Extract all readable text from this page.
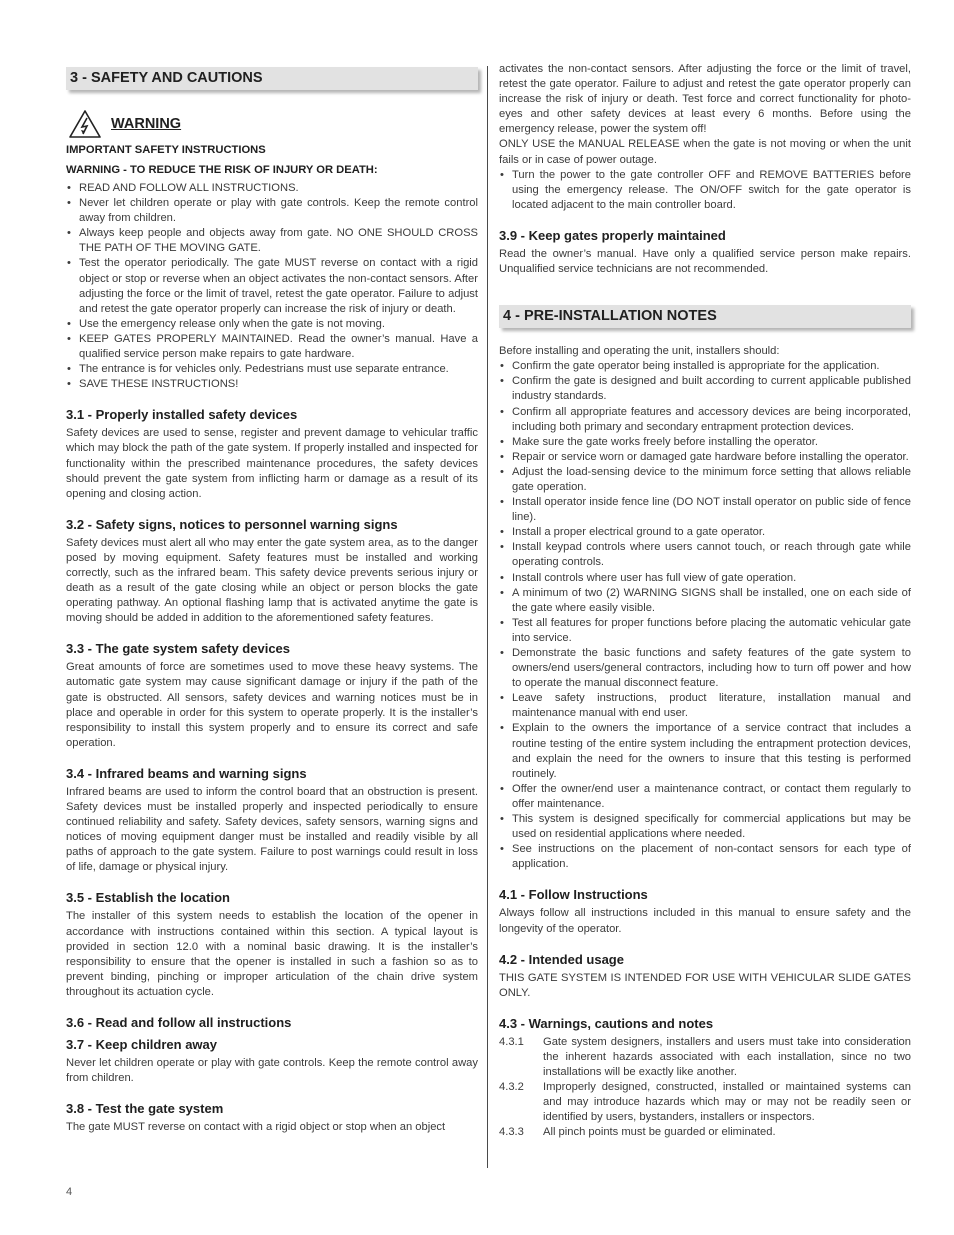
3 - SAFETY AND CAUTIONS
WARNING
IMPORTANT SAFETY INSTRUCTIONS
WARNING - TO REDUCE THE RISK OF INJURY OR DEATH:
• READ AND FOLLOW ALL INSTRUCTIONS.
• Never let children operate or play with gate controls. Keep the remote control away from children.
• Always keep people and objects away from gate. NO ONE SHOULD CROSS THE PATH OF THE MOVING GATE.
• Test the operator periodically. The gate MUST reverse on contact with a rigid object or stop or reverse when an object activates the non-contact sensors. After adjusting the force or the limit of travel, retest the gate operator. Failure to adjust and retest the gate operator properly can increase the risk of injury or death.
• Use the emergency release only when the gate is not moving.
• KEEP GATES PROPERLY MAINTAINED. Read the owner’s manual. Have a qualified service person make repairs to gate hardware.
• The entrance is for vehicles only. Pedestrians must use separate entrance.
• SAVE THESE INSTRUCTIONS!
3.1 - Properly installed safety devices

Safety devices are used to sense, register and prevent damage to vehicular traffic which may block the path of the gate system. If properly installed and inspected for functionality within the prescribed maintenance procedures, the safety devices should prevent the gate system from inflicting harm or damage as a result of its opening and closing action.

3.2 - Safety signs, notices to personnel warning signs

Safety devices must alert all who may enter the gate system area, as to the danger posed by moving equipment. Safety features must be installed and working correctly, such as the infrared beam. This safety device prevents serious injury or death as a result of the gate closing while an object or person blocks the gate operating pathway. An optional flashing lamp that is activated anytime the gate is moving should be added in addition to the aforementioned safety features.

3.3 - The gate system safety devices

Great amounts of force are sometimes used to move these heavy systems. The automatic gate system may cause significant damage or injury if the path of the gate is obstructed. All sensors, safety devices and warning notices must be in place and operable in order for this system to operate properly. It is the installer’s responsibility to install this system properly and to ensure its correct and safe operation.

3.4 - Infrared beams and warning signs

Infrared beams are used to inform the control board that an obstruction is present. Safety devices must be installed properly and inspected periodically to ensure continued reliability and safety. Safety devices, safety sensors, warning signs and notices of moving equipment danger must be installed and readily visible by all paths of approach to the gate system. Failure to post warnings could result in loss of life, damage or physical injury.

3.5 - Establish the location

The installer of this system needs to establish the location of the opener in accordance with instructions contained within this section. A typical layout is provided in section 12.0 with a nominal basic drawing. It is the installer’s responsibility to ensure that the opener is installed in such a fashion so as to prevent binding, pinching or improper articulation of the chain drive system throughout its actuation cycle.

3.6 - Read and follow all instructions
3.7 - Keep children away

Never let children operate or play with gate controls. Keep the remote control away from children.

3.8 - Test the gate system

The gate MUST reverse on contact with a rigid object or stop when an object

activates the non-contact sensors. After adjusting the force or the limit of travel, retest the gate operator. Failure to adjust and retest the gate operator properly can increase the risk of injury or death. Test force and correct functionality for photo-eyes and other safety devices at least every 6 months. Before using the emergency release, power the system off!

ONLY USE the MANUAL RELEASE when the gate is not moving or when the unit fails or in case of power outage.

• Turn the power to the gate controller OFF and REMOVE BATTERIES before using the emergency release. The ON/OFF switch for the gate operator is located adjacent to the main controller board.
3.9 - Keep gates properly maintained

Read the owner’s manual. Have only a qualified service person make repairs. Unqualified service technicians are not recommended.

4 - PRE-INSTALLATION NOTES

Before installing and operating the unit, installers should:

• Confirm the gate operator being installed is appropriate for the application.
• Confirm the gate is designed and built according to current applicable published industry standards.
• Confirm all appropriate features and accessory devices are being incorporated, including both primary and secondary entrapment protection devices.
• Make sure the gate works freely before installing the operator.
• Repair or service worn or damaged gate hardware before installing the operator.
• Adjust the load-sensing device to the minimum force setting that allows reliable gate operation.
• Install operator inside fence line (DO NOT install operator on public side of fence line).
• Install a proper electrical ground to a gate operator.
• Install keypad controls where users cannot touch, or reach through gate while operating controls.
• Install controls where user has full view of gate operation.
• A minimum of two (2) WARNING SIGNS shall be installed, one on each side of the gate where easily visible.
• Test all features for proper functions before placing the automatic vehicular gate into service.
• Demonstrate the basic functions and safety features of the gate system to owners/end users/general contractors, including how to turn off power and how to operate the manual disconnect feature.
• Leave safety instructions, product literature, installation manual and maintenance manual with end user.
• Explain to the owners the importance of a service contract that includes a routine testing of the entire system including the entrapment protection devices, and explain the need for the owners to insure that this testing is performed routinely.
• Offer the owner/end user a maintenance contract, or contact them regularly to offer maintenance.
• This system is designed specifically for commercial applications but may be used on residential applications where needed.
• See instructions on the placement of non-contact sensors for each type of application.
4.1 - Follow Instructions

Always follow all instructions included in this manual to ensure safety and the longevity of the operator.

4.2 - Intended usage

THIS GATE SYSTEM IS INTENDED FOR USE WITH VEHICULAR SLIDE GATES ONLY.

4.3 - Warnings, cautions and notes
4.3.1	Gate system designers, installers and users must take into consideration the inherent hazards associated with each installation, since no two installations will be exactly like another.
4.3.2	Improperly designed, constructed, installed or maintained systems can and may introduce hazards which may or may not be readily seen or identified by users, bystanders, installers or inspectors.
4.3.3	All pinch points must be guarded or eliminated.
4
